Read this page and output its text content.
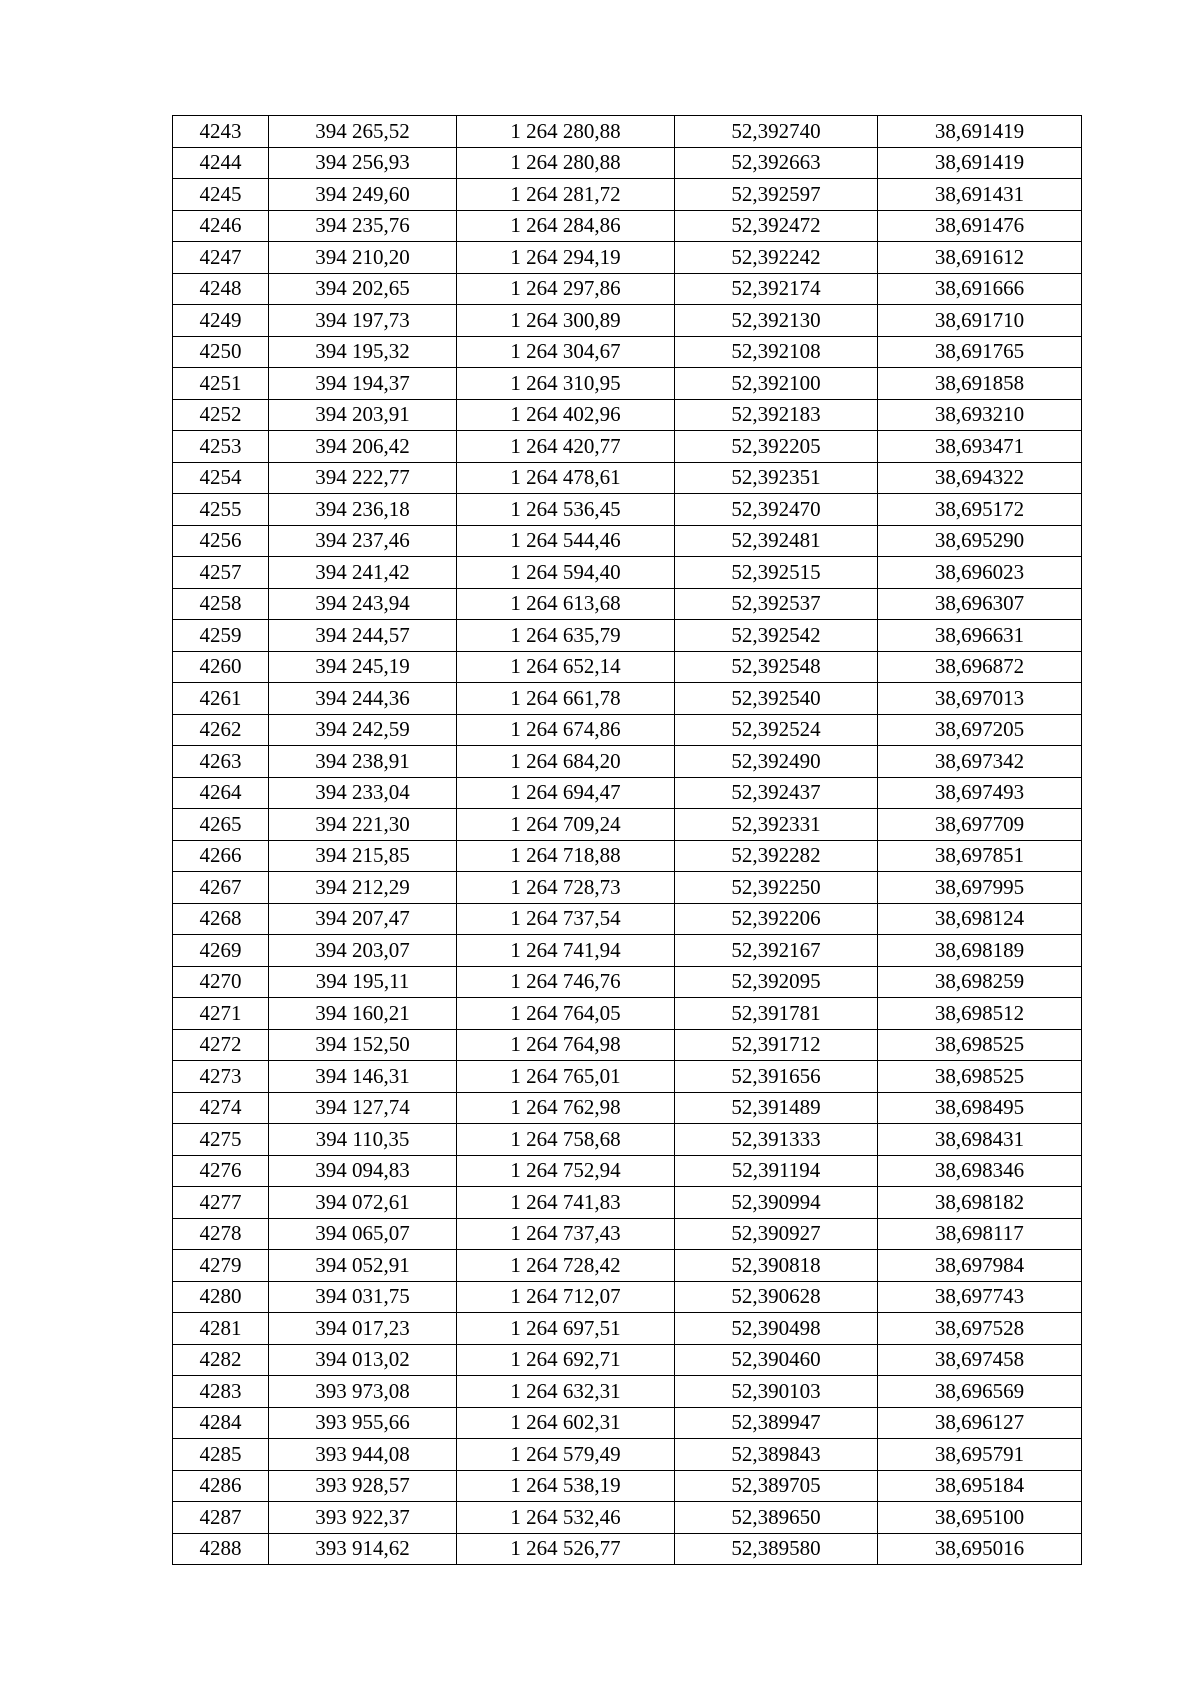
4243	394 265,52	1 264 280,88	52,392740	38,691419
4244	394 256,93	1 264 280,88	52,392663	38,691419
4245	394 249,60	1 264 281,72	52,392597	38,691431
4246	394 235,76	1 264 284,86	52,392472	38,691476
4247	394 210,20	1 264 294,19	52,392242	38,691612
4248	394 202,65	1 264 297,86	52,392174	38,691666
4249	394 197,73	1 264 300,89	52,392130	38,691710
4250	394 195,32	1 264 304,67	52,392108	38,691765
4251	394 194,37	1 264 310,95	52,392100	38,691858
4252	394 203,91	1 264 402,96	52,392183	38,693210
4253	394 206,42	1 264 420,77	52,392205	38,693471
4254	394 222,77	1 264 478,61	52,392351	38,694322
4255	394 236,18	1 264 536,45	52,392470	38,695172
4256	394 237,46	1 264 544,46	52,392481	38,695290
4257	394 241,42	1 264 594,40	52,392515	38,696023
4258	394 243,94	1 264 613,68	52,392537	38,696307
4259	394 244,57	1 264 635,79	52,392542	38,696631
4260	394 245,19	1 264 652,14	52,392548	38,696872
4261	394 244,36	1 264 661,78	52,392540	38,697013
4262	394 242,59	1 264 674,86	52,392524	38,697205
4263	394 238,91	1 264 684,20	52,392490	38,697342
4264	394 233,04	1 264 694,47	52,392437	38,697493
4265	394 221,30	1 264 709,24	52,392331	38,697709
4266	394 215,85	1 264 718,88	52,392282	38,697851
4267	394 212,29	1 264 728,73	52,392250	38,697995
4268	394 207,47	1 264 737,54	52,392206	38,698124
4269	394 203,07	1 264 741,94	52,392167	38,698189
4270	394 195,11	1 264 746,76	52,392095	38,698259
4271	394 160,21	1 264 764,05	52,391781	38,698512
4272	394 152,50	1 264 764,98	52,391712	38,698525
4273	394 146,31	1 264 765,01	52,391656	38,698525
4274	394 127,74	1 264 762,98	52,391489	38,698495
4275	394 110,35	1 264 758,68	52,391333	38,698431
4276	394 094,83	1 264 752,94	52,391194	38,698346
4277	394 072,61	1 264 741,83	52,390994	38,698182
4278	394 065,07	1 264 737,43	52,390927	38,698117
4279	394 052,91	1 264 728,42	52,390818	38,697984
4280	394 031,75	1 264 712,07	52,390628	38,697743
4281	394 017,23	1 264 697,51	52,390498	38,697528
4282	394 013,02	1 264 692,71	52,390460	38,697458
4283	393 973,08	1 264 632,31	52,390103	38,696569
4284	393 955,66	1 264 602,31	52,389947	38,696127
4285	393 944,08	1 264 579,49	52,389843	38,695791
4286	393 928,57	1 264 538,19	52,389705	38,695184
4287	393 922,37	1 264 532,46	52,389650	38,695100
4288	393 914,62	1 264 526,77	52,389580	38,695016
